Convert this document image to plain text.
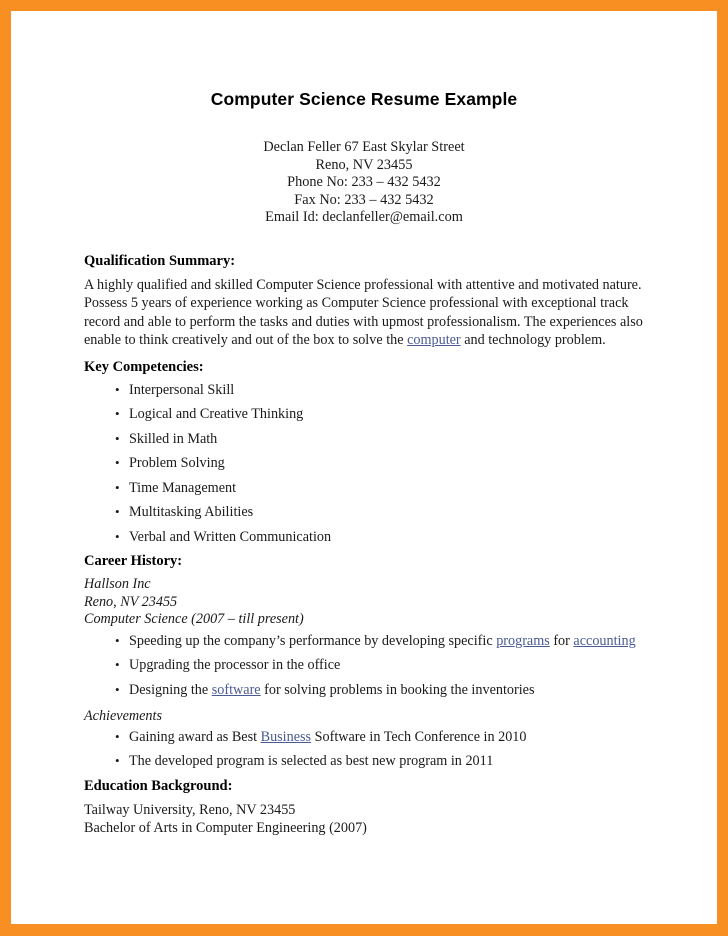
Computer Science Resume Example
Declan Feller 67 East Skylar Street
Reno, NV 23455
Phone No: 233 – 432 5432
Fax No: 233 – 432 5432
Email Id: declanfeller@email.com
Qualification Summary:

A highly qualified and skilled Computer Science professional with attentive and motivated nature. Possess 5 years of experience working as Computer Science professional with exceptional track record and able to perform the tasks and duties with upmost professionalism. The experiences also enable to think creatively and out of the box to solve the computer and technology problem.

Key Competencies:
• Interpersonal Skill
• Logical and Creative Thinking
• Skilled in Math
• Problem Solving
• Time Management
• Multitasking Abilities
• Verbal and Written Communication
Career History:
Hallson Inc
Reno, NV 23455
Computer Science (2007 – till present)
• Speeding up the company’s performance by developing specific programs for accounting
• Upgrading the processor in the office
• Designing the software for solving problems in booking the inventories
Achievements
• Gaining award as Best Business Software in Tech Conference in 2010
• The developed program is selected as best new program in 2011
Education Background:
Tailway University, Reno, NV 23455
Bachelor of Arts in Computer Engineering (2007)
